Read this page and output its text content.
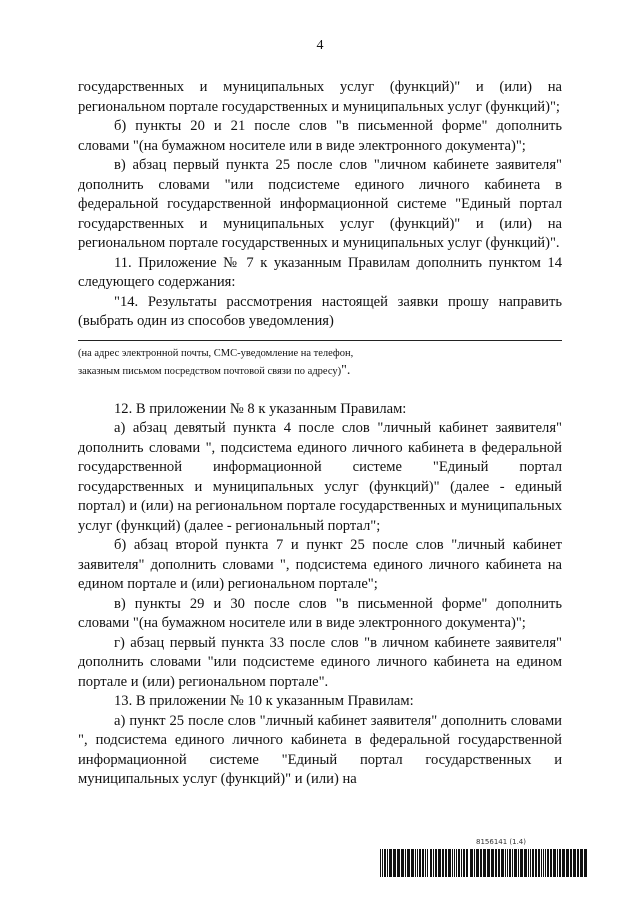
4

государственных и муниципальных услуг (функций)" и (или) на региональном портале государственных и муниципальных услуг (функций)";

б) пункты 20 и 21 после слов "в письменной форме" дополнить словами "(на бумажном носителе или в виде электронного документа)";

в) абзац первый пункта 25 после слов "личном кабинете заявителя" дополнить словами "или подсистеме единого личного кабинета в федеральной государственной информационной системе "Единый портал государственных и муниципальных услуг (функций)" и (или) на региональном портале государственных и муниципальных услуг (функций)".

11. Приложение № 7 к указанным Правилам дополнить пунктом 14 следующего содержания:

"14. Результаты рассмотрения настоящей заявки прошу направить (выбрать один из способов уведомления)

(на адрес электронной почты, СМС-уведомление на телефон,

заказным письмом посредством почтовой связи по адресу)".

12. В приложении № 8 к указанным Правилам:

а) абзац девятый пункта 4 после слов "личный кабинет заявителя" дополнить словами ", подсистема единого личного кабинета в федеральной государственной информационной системе "Единый портал государственных и муниципальных услуг (функций)" (далее - единый портал) и (или) на региональном портале государственных и муниципальных услуг (функций) (далее - региональный портал";

б) абзац второй пункта 7 и пункт 25 после слов "личный кабинет заявителя" дополнить словами ", подсистема единого личного кабинета на едином портале и (или) региональном портале";

в) пункты 29 и 30 после слов "в письменной форме" дополнить словами "(на бумажном носителе или в виде электронного документа)";

г) абзац первый пункта 33 после слов "в личном кабинете заявителя" дополнить словами "или подсистеме единого личного кабинета на едином портале и (или) региональном портале".

13. В приложении № 10 к указанным Правилам:

а) пункт 25 после слов "личный кабинет заявителя" дополнить словами ", подсистема единого личного кабинета в федеральной государственной информационной системе "Единый портал государственных и муниципальных услуг (функций)" и (или) на

8156141 (1.4)
